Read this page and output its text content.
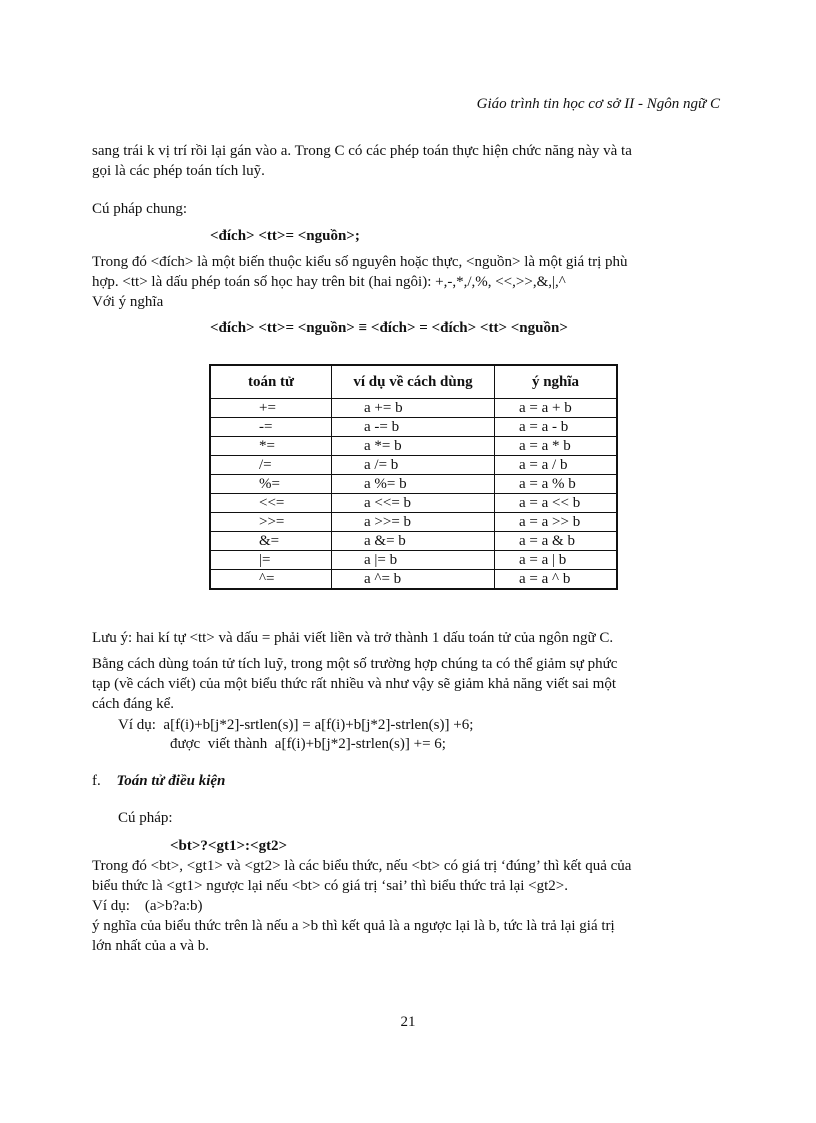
Giáo trình tin học cơ sở II - Ngôn ngữ C
sang trái k vị trí rồi lại gán vào a. Trong C có các phép toán thực hiện chức năng này và ta
gọi là các phép toán tích luỹ.
Cú pháp chung:
<đích> <tt>= <nguồn>;
Trong đó <đích> là một biến thuộc kiểu số nguyên hoặc thực, <nguồn> là một giá trị phù
hợp. <tt> là dấu phép toán số học hay trên bit (hai ngôi): +,-,*,/,%, <<,>>,&,|,^
Với ý nghĩa
<đích> <tt>= <nguồn> ≡ <đích> = <đích> <tt> <nguồn>
toán tử	ví dụ về cách dùng	ý nghĩa
+=	a += b	a = a + b
-=	a -= b	a = a - b
*=	a *= b	a = a * b
/=	a /= b	a = a / b
%=	a %= b	a = a % b
<<=	a <<= b	a = a << b
>>=	a >>= b	a = a >> b
&=	a &= b	a = a & b
|=	a |= b	a = a | b
^=	a ^= b	a = a ^ b
Lưu ý: hai kí tự <tt> và dấu = phải viết liền và trở thành 1 dấu toán tử của ngôn ngữ C.
Bằng cách dùng toán tử tích luỹ, trong một số trường hợp chúng ta có thể giảm sự phức
tạp (về cách viết) của một biểu thức rất nhiều và như vậy sẽ giảm khả năng viết sai một
cách đáng kể.
Ví dụ:  a[f(i)+b[j*2]-srtlen(s)] = a[f(i)+b[j*2]-strlen(s)] +6;
được  viết thành  a[f(i)+b[j*2]-strlen(s)] += 6;
f. Toán tử điều kiện
Cú pháp:
<bt>?<gt1>:<gt2>
Trong đó <bt>, <gt1> và <gt2> là các biểu thức, nếu <bt> có giá trị ‘đúng’ thì kết quả của
biểu thức là <gt1> ngược lại nếu <bt> có giá trị ‘sai’ thì biểu thức trả lại <gt2>.
Ví dụ:    (a>b?a:b)
ý nghĩa của biểu thức trên là nếu a >b thì kết quả là a ngược lại là b, tức là trả lại giá trị
lớn nhất của a và b.
21
